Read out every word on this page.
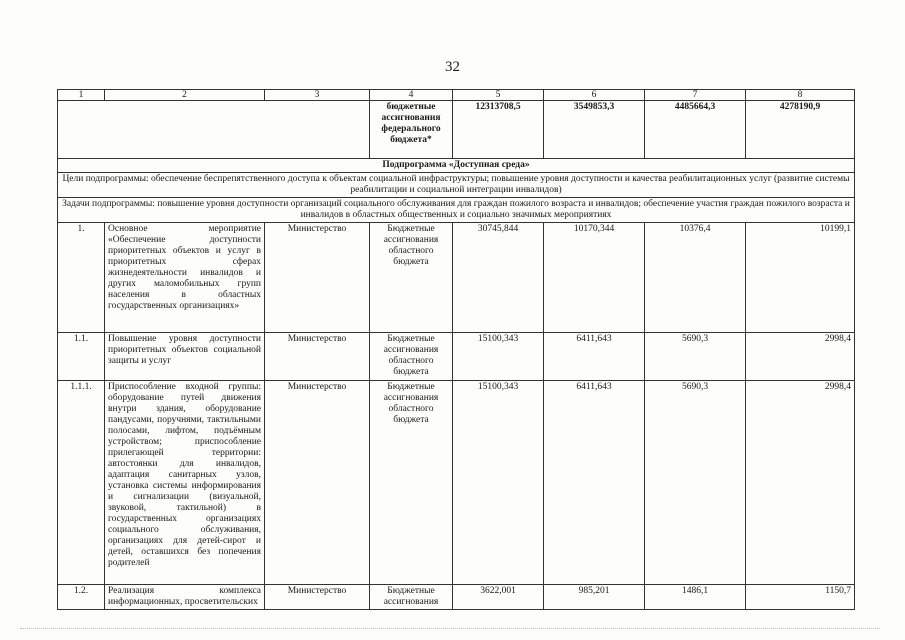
32
1	2	3	4	5	6	7	8
			бюджетные ассигнования федерального бюджета*	12313708,5	3549853,3	4485664,3	4278190,9
Подпрограмма «Доступная среда»							
Цели подпрограммы: обеспечение беспрепятственного доступа к объектам социальной инфраструктуры; повышение уровня доступности и качества реабилитационных услуг (развитие системы реабилитации и социальной интеграции инвалидов)							
Задачи подпрограммы: повышение уровня доступности организаций социального обслуживания для граждан пожилого возраста и инвалидов; обеспечение участия граждан пожилого возраста и инвалидов в областных общественных и социально значимых мероприятиях							
1.	Основное мероприятие «Обеспечение доступности приоритетных объектов и услуг в приоритетных сферах жизнедеятельности инвалидов и других маломобильных групп населения в областных государственных организациях»	Министерство	Бюджетные ассигнования областного бюджета	30745,844	10170,344	10376,4	10199,1
1.1.	Повышение уровня доступности приоритетных объектов социальной защиты и услуг	Министерство	Бюджетные ассигнования областного бюджета	15100,343	6411,643	5690,3	2998,4
1.1.1.	Приспособление входной группы: оборудование путей движения внутри здания, оборудование пандусами, поручнями, тактильными полосами, лифтом, подъёмным устройством; приспособление прилегающей территории: автостоянки для инвалидов, адаптация санитарных узлов, установка системы информирования и сигнализации (визуальной, звуковой, тактильной) в государственных организациях социального обслуживания, организациях для детей-сирот и детей, оставшихся без попечения родителей	Министерство	Бюджетные ассигнования областного бюджета	15100,343	6411,643	5690,3	2998,4
1.2.	Реализация комплекса информационных, просветительских	Министерство	Бюджетные ассигнования	3622,001	985,201	1486,1	1150,7
